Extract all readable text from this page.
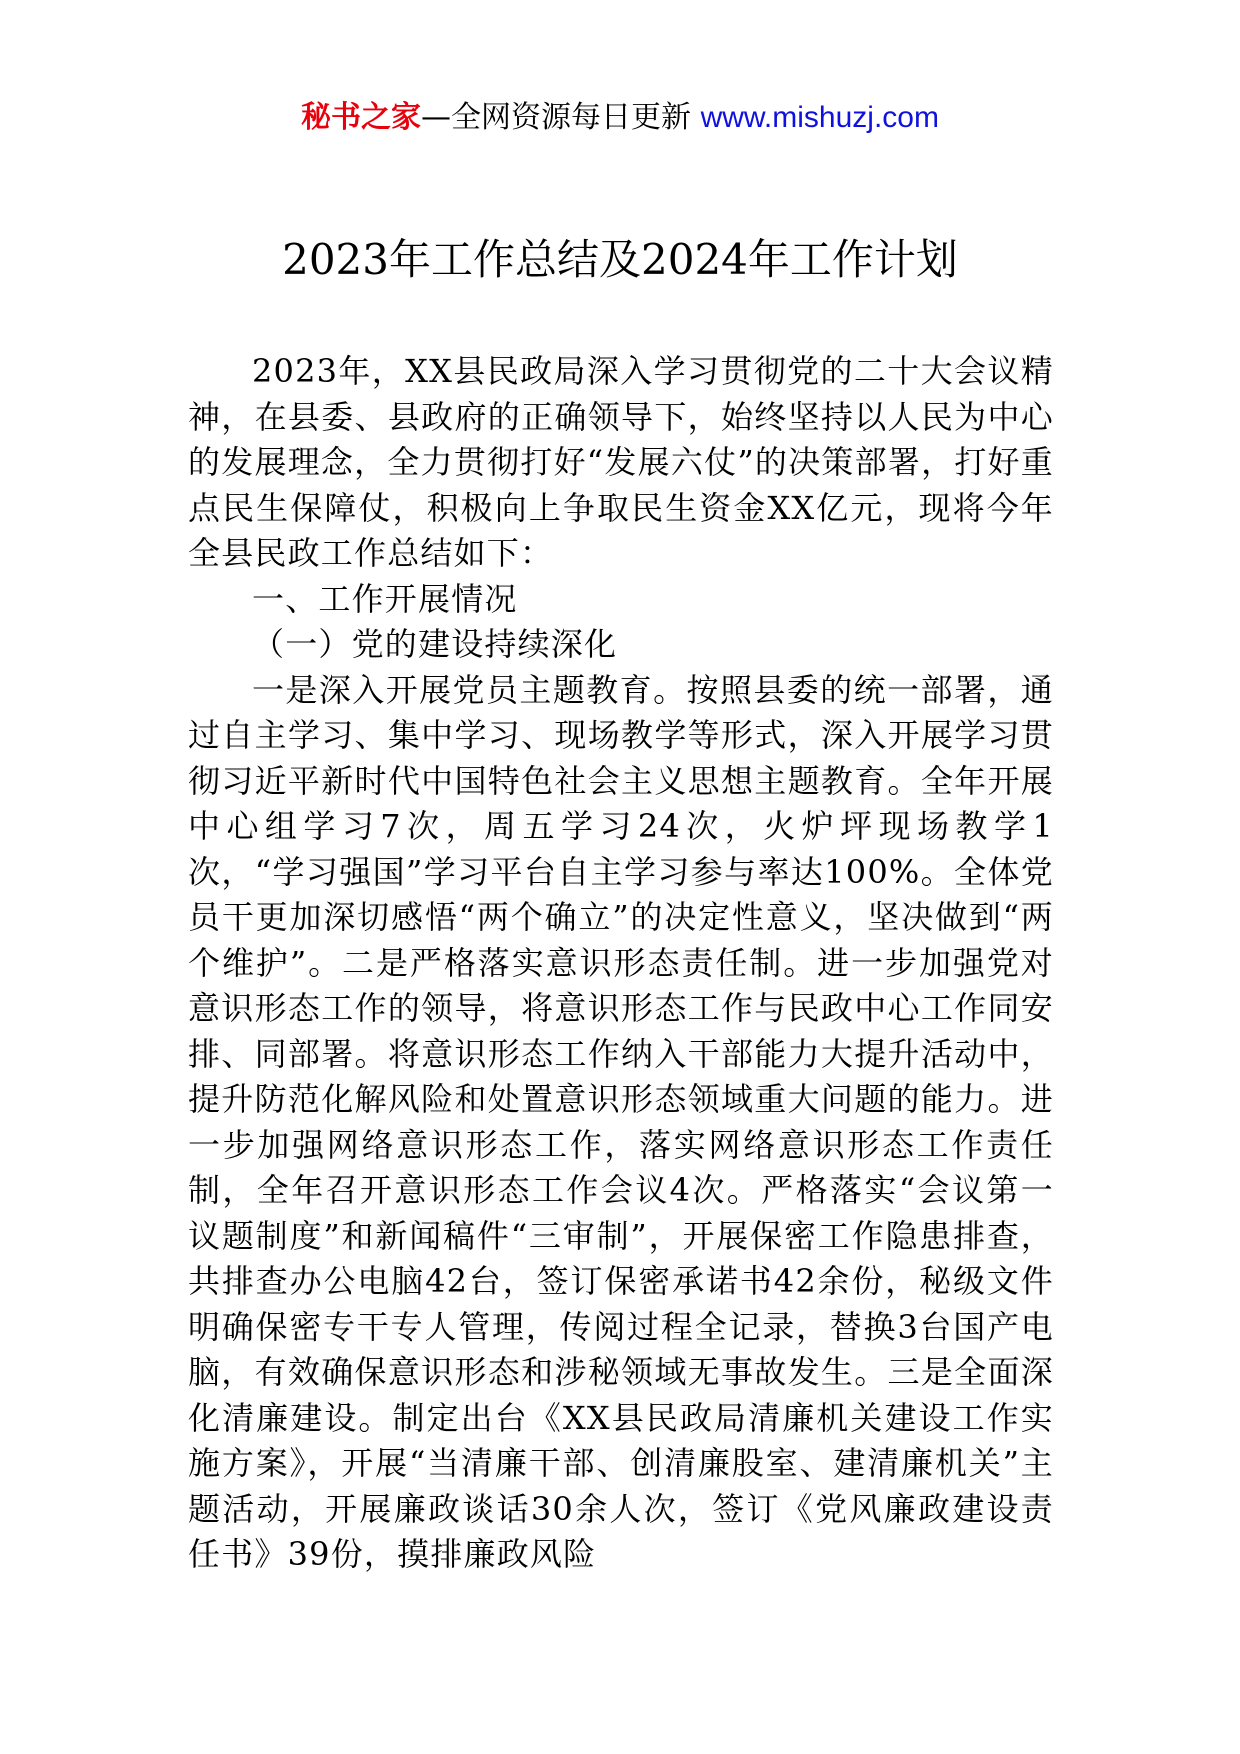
秘书之家—全网资源每日更新 www.mishuzj.com
2023年工作总结及2024年工作计划

2023年，XX县民政局深入学习贯彻党的二十大会议精神，在县委、县政府的正确领导下，始终坚持以人民为中心的发展理念，全力贯彻打好“发展六仗”的决策部署，打好重点民生保障仗，积极向上争取民生资金XX亿元，现将今年全县民政工作总结如下：

一、工作开展情况

（一）党的建设持续深化

一是深入开展党员主题教育。按照县委的统一部署，通过自主学习、集中学习、现场教学等形式，深入开展学习贯彻习近平新时代中国特色社会主义思想主题教育。全年开展中心组学习7次，周五学习24次，火炉坪现场教学1次，“学习强国”学习平台自主学习参与率达100%。全体党员干更加深切感悟“两个确立”的决定性意义，坚决做到“两个维护”。二是严格落实意识形态责任制。进一步加强党对意识形态工作的领导，将意识形态工作与民政中心工作同安排、同部署。将意识形态工作纳入干部能力大提升活动中，提升防范化解风险和处置意识形态领域重大问题的能力。进一步加强网络意识形态工作，落实网络意识形态工作责任制，全年召开意识形态工作会议4次。严格落实“会议第一议题制度”和新闻稿件“三审制”，开展保密工作隐患排查，共排查办公电脑42台，签订保密承诺书42余份，秘级文件明确保密专干专人管理，传阅过程全记录，替换3台国产电脑，有效确保意识形态和涉秘领域无事故发生。三是全面深化清廉建设。制定出台《XX县民政局清廉机关建设工作实施方案》，开展“当清廉干部、创清廉股室、建清廉机关”主题活动，开展廉政谈话30余人次，签订《党风廉政建设责任书》39份，摸排廉政风险
